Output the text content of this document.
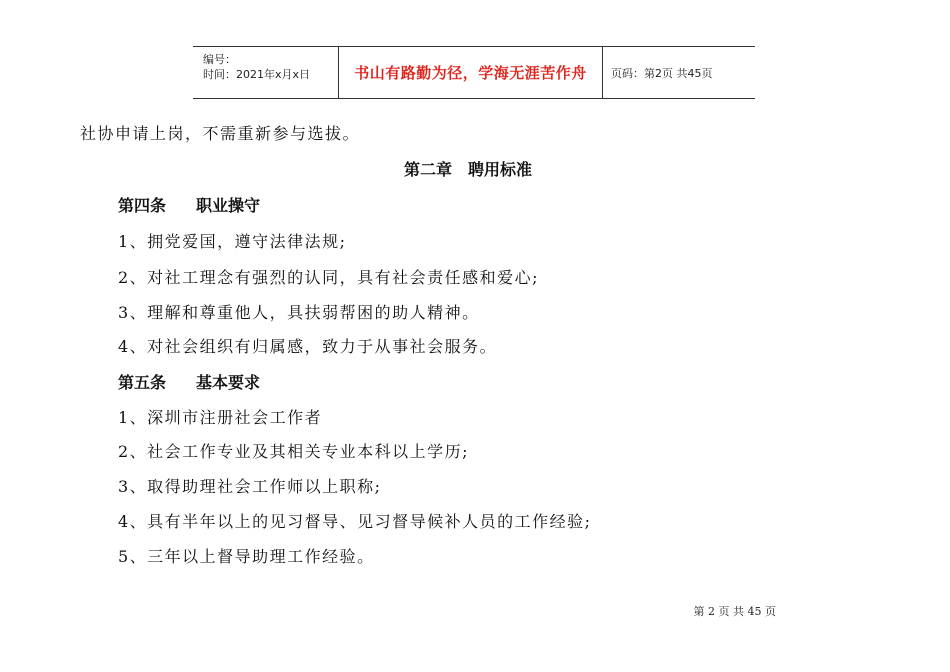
编号：
时间：2021年x月x日	书山有路勤为径，学海无涯苦作舟	页码：第2页 共45页
社协申请上岗，不需重新参与选拔。
第二章　聘用标准
第四条 职业操守
1、拥党爱国，遵守法律法规;
2、对社工理念有强烈的认同，具有社会责任感和爱心;
3、理解和尊重他人，具扶弱帮困的助人精神。
4、对社会组织有归属感，致力于从事社会服务。
第五条 基本要求
1、深圳市注册社会工作者
2、社会工作专业及其相关专业本科以上学历;
3、取得助理社会工作师以上职称;
4、具有半年以上的见习督导、见习督导候补人员的工作经验;
5、三年以上督导助理工作经验。
第 2 页 共 45 页
